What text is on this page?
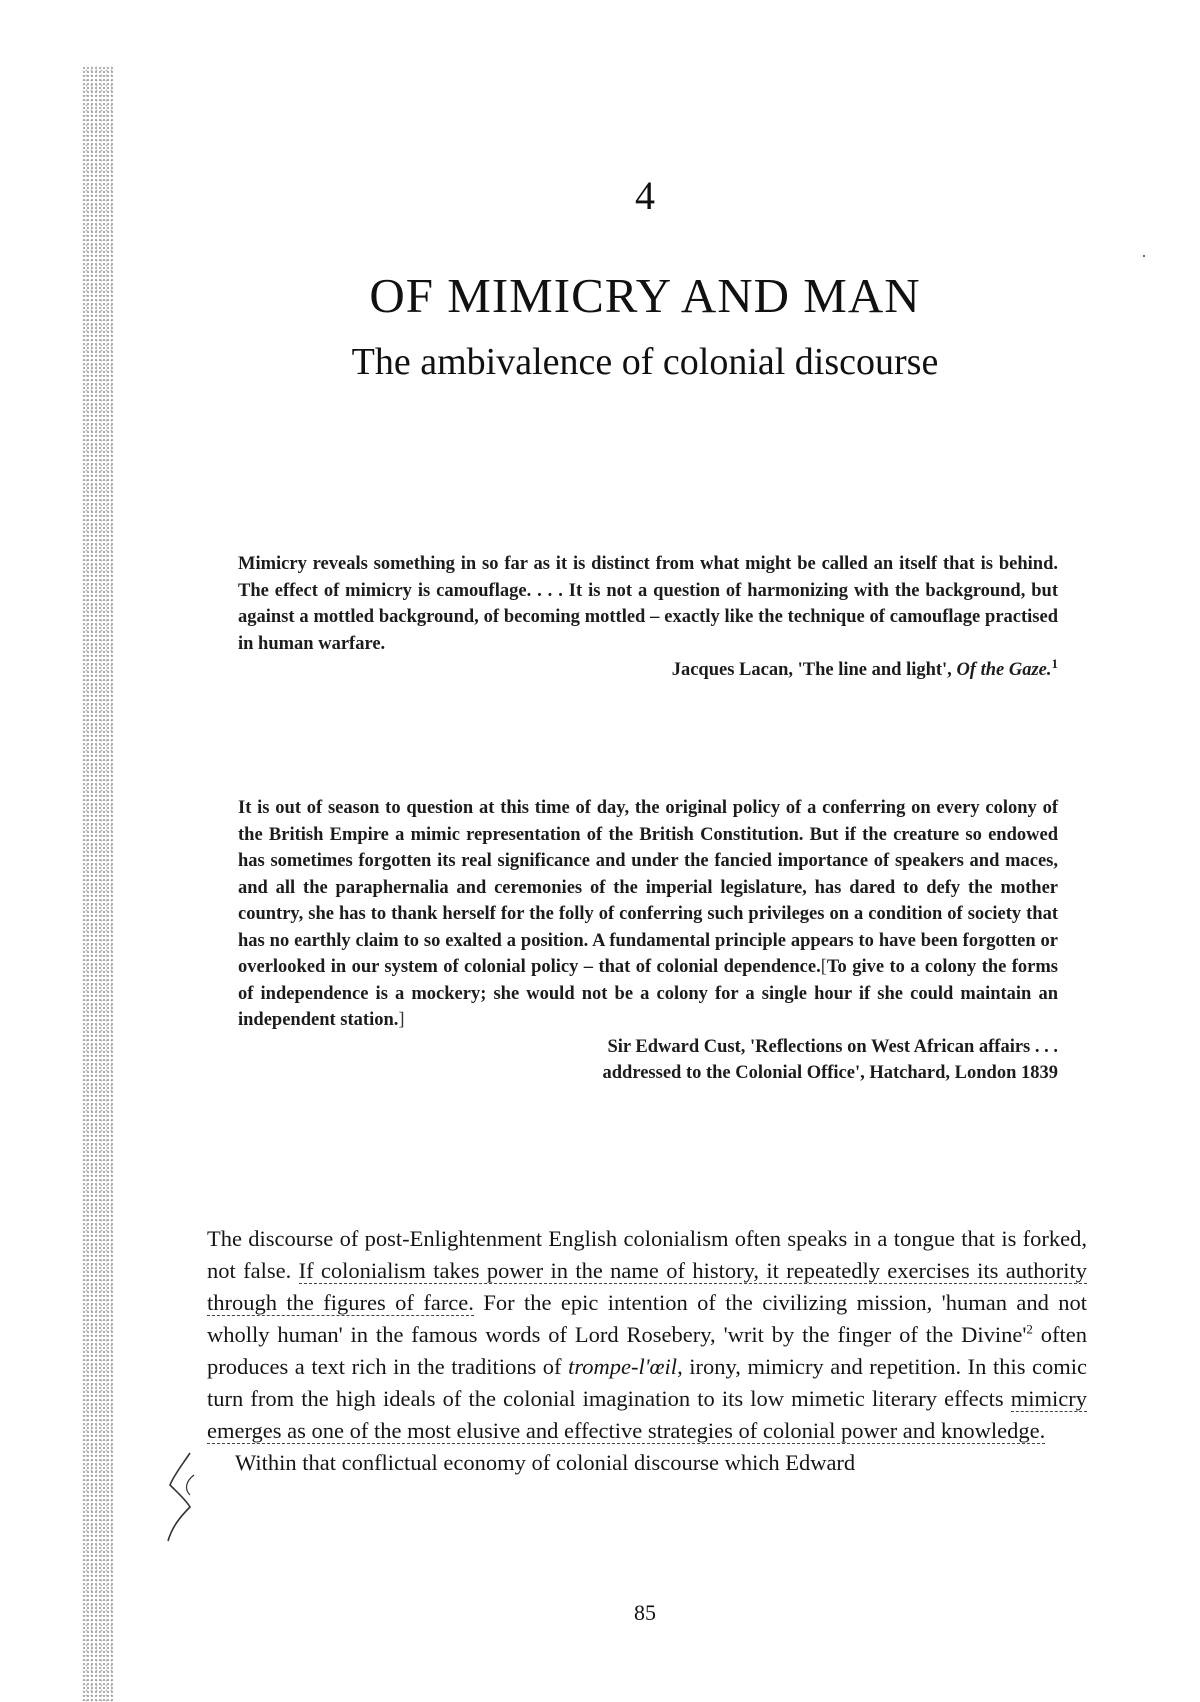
4
OF MIMICRY AND MAN
The ambivalence of colonial discourse

Mimicry reveals something in so far as it is distinct from what might be called an itself that is behind. The effect of mimicry is camouflage. . . . It is not a question of harmonizing with the background, but against a mottled background, of becoming mottled – exactly like the technique of camouflage practised in human warfare.

Jacques Lacan, 'The line and light', Of the Gaze.$^1$

It is out of season to question at this time of day, the original policy of a conferring on every colony of the British Empire a mimic representation of the British Constitution. But if the creature so endowed has sometimes forgotten its real significance and under the fancied importance of speakers and maces, and all the paraphernalia and ceremonies of the imperial legislature, has dared to defy the mother country, she has to thank herself for the folly of conferring such privileges on a condition of society that has no earthly claim to so exalted a position. A fundamental principle appears to have been forgotten or overlooked in our system of colonial policy – that of colonial dependence.[To give to a colony the forms of independence is a mockery; she would not be a colony for a single hour if she could maintain an independent station.]

Sir Edward Cust, 'Reflections on West African affairs . . .

addressed to the Colonial Office', Hatchard, London 1839

The discourse of post-Enlightenment English colonialism often speaks in a tongue that is forked, not false. If colonialism takes power in the name of history, it repeatedly exercises its authority through the figures of farce. For the epic intention of the civilizing mission, 'human and not wholly human' in the famous words of Lord Rosebery, 'writ by the finger of the Divine'$^2$ often produces a text rich in the traditions of trompe-l'œil, irony, mimicry and repetition. In this comic turn from the high ideals of the colonial imagination to its low mimetic literary effects mimicry emerges as one of the most elusive and effective strategies of colonial power and knowledge.

Within that conflictual economy of colonial discourse which Edward

85
